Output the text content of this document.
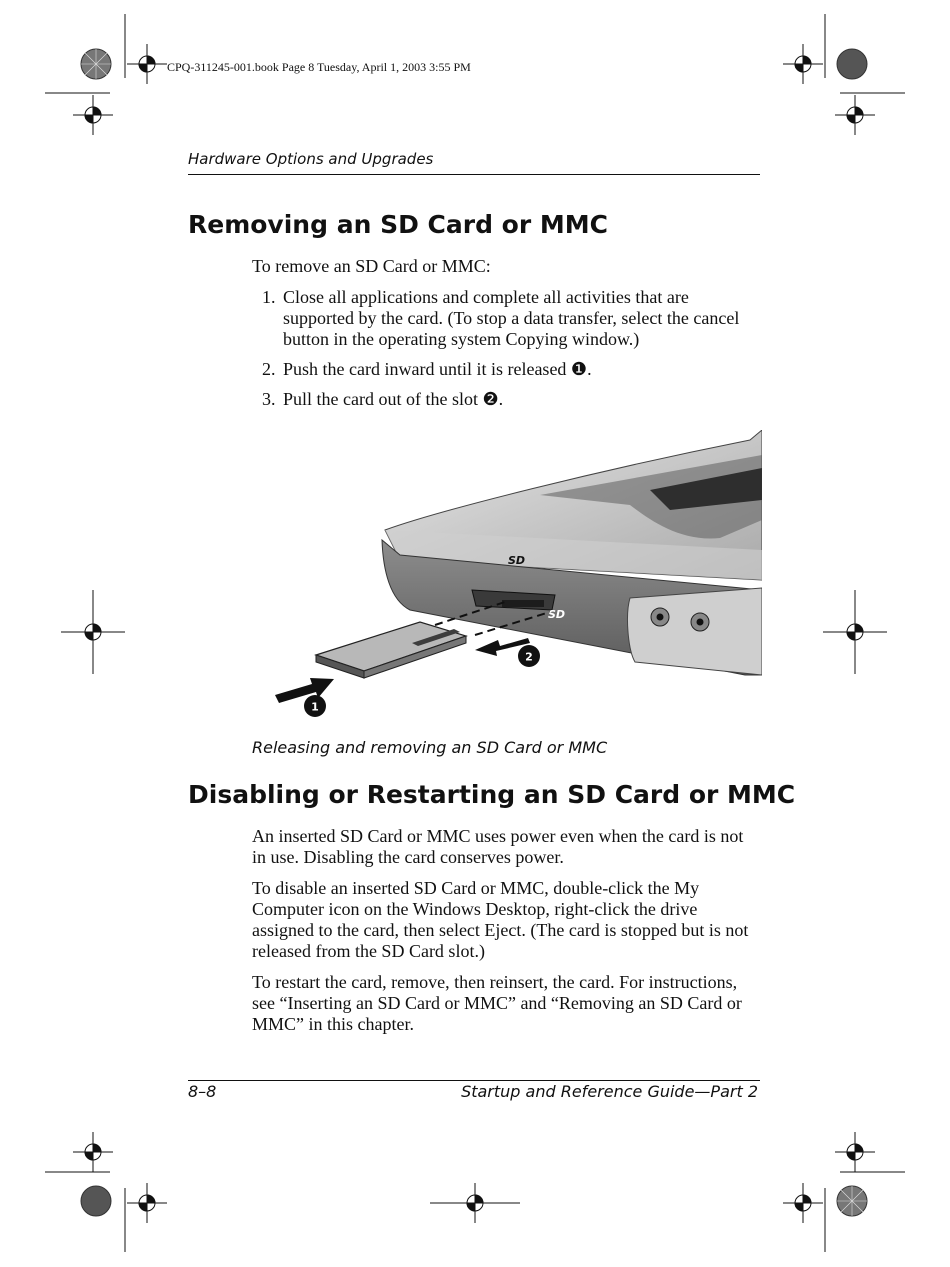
CPQ-311245-001.book Page 8 Tuesday, April 1, 2003 3:55 PM
Hardware Options and Upgrades
Removing an SD Card or MMC

To remove an SD Card or MMC:

1. Close all applications and complete all activities that are supported by the card. (To stop a data transfer, select the cancel button in the operating system Copying window.)
2. Push the card inward until it is released ❶.
3. Pull the card out of the slot ❷.
SD
SD
1
2
Releasing and removing an SD Card or MMC
Disabling or Restarting an SD Card or MMC

An inserted SD Card or MMC uses power even when the card is not in use. Disabling the card conserves power.

To disable an inserted SD Card or MMC, double-click the My Computer icon on the Windows Desktop, right-click the drive assigned to the card, then select Eject. (The card is stopped but is not released from the SD Card slot.)

To restart the card, remove, then reinsert, the card. For instructions, see “Inserting an SD Card or MMC” and “Removing an SD Card or MMC” in this chapter.

8–8	Startup and Reference Guide—Part 2
